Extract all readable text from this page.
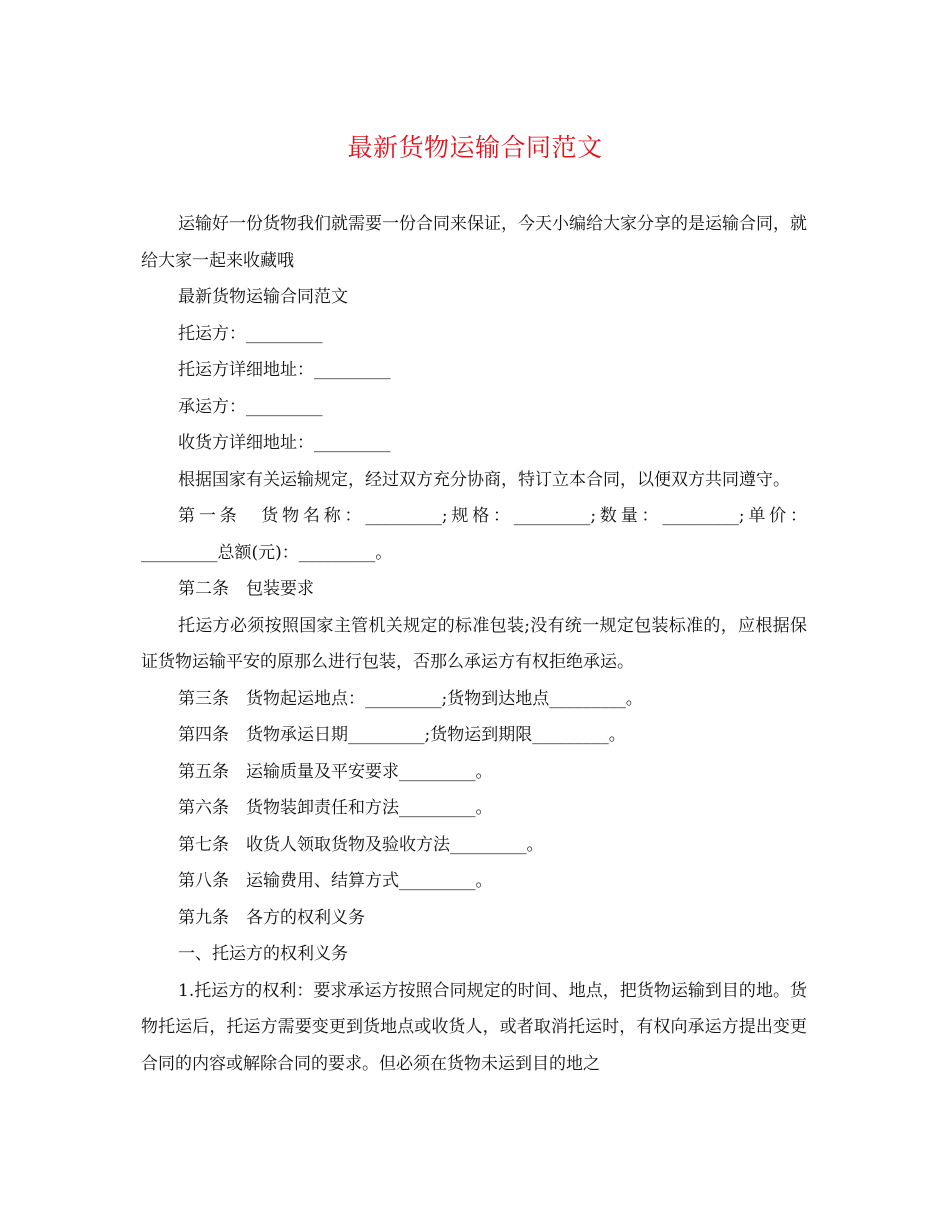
最新货物运输合同范文

运输好一份货物我们就需要一份合同来保证，今天小编给大家分享的是运输合同，就给大家一起来收藏哦

最新货物运输合同范文

托运方：_________

托运方详细地址：_________

承运方：_________

收货方详细地址：_________

根据国家有关运输规定，经过双方充分协商，特订立本合同，以便双方共同遵守。

第一条　货物名称：_________;规格：_________;数量：_________;单价：_________总额(元)：_________。

第二条　包装要求

托运方必须按照国家主管机关规定的标准包装;没有统一规定包装标准的，应根据保证货物运输平安的原那么进行包装，否那么承运方有权拒绝承运。

第三条　货物起运地点：_________;货物到达地点_________。

第四条　货物承运日期_________;货物运到期限_________。

第五条　运输质量及平安要求_________。

第六条　货物装卸责任和方法_________。

第七条　收货人领取货物及验收方法_________。

第八条　运输费用、结算方式_________。

第九条　各方的权利义务

一、托运方的权利义务

1.托运方的权利：要求承运方按照合同规定的时间、地点，把货物运输到目的地。货物托运后，托运方需要变更到货地点或收货人，或者取消托运时，有权向承运方提出变更合同的内容或解除合同的要求。但必须在货物未运到目的地之
